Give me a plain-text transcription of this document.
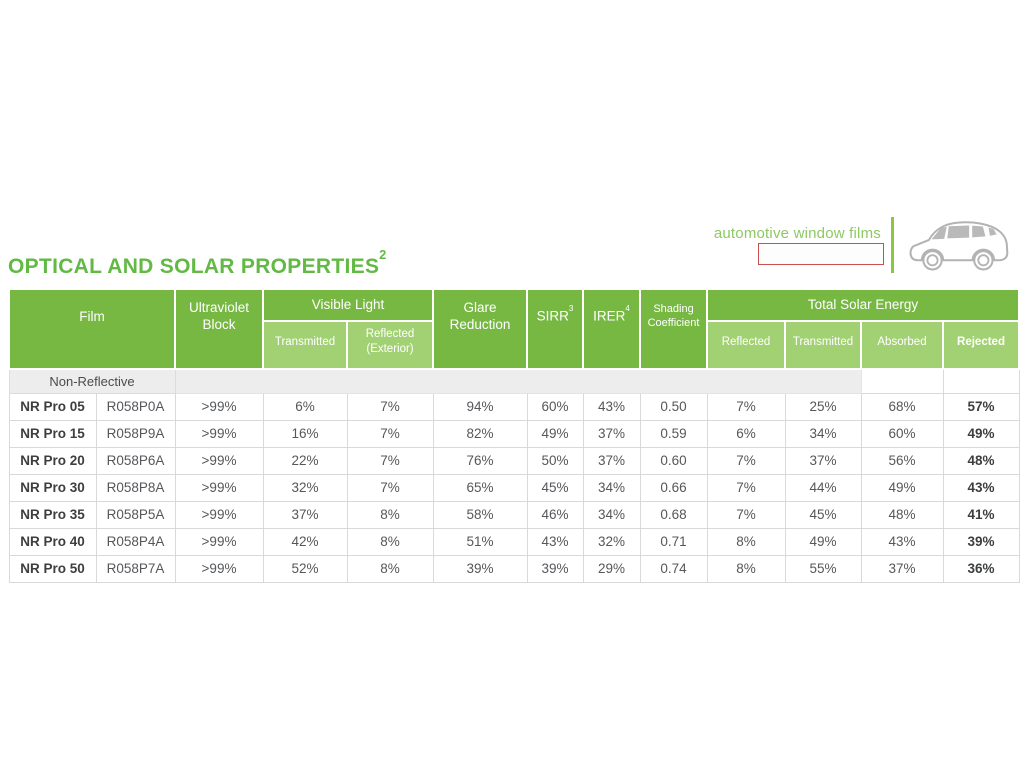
automotive window films
OPTICAL AND SOLAR PROPERTIES$^2$
Film		Ultraviolet Block	Visible Light		Glare Reduction	SIRR$^3$	IRER$^4$	Shading Coefficient	Total Solar Energy			
			Transmitted	Reflected (Exterior)					Reflected	Transmitted	Absorbed	Rejected
Non-Reflective												
NR Pro 05	R058P0A	>99%	6%	7%	94%	60%	43%	0.50	7%	25%	68%	57%
NR Pro 15	R058P9A	>99%	16%	7%	82%	49%	37%	0.59	6%	34%	60%	49%
NR Pro 20	R058P6A	>99%	22%	7%	76%	50%	37%	0.60	7%	37%	56%	48%
NR Pro 30	R058P8A	>99%	32%	7%	65%	45%	34%	0.66	7%	44%	49%	43%
NR Pro 35	R058P5A	>99%	37%	8%	58%	46%	34%	0.68	7%	45%	48%	41%
NR Pro 40	R058P4A	>99%	42%	8%	51%	43%	32%	0.71	8%	49%	43%	39%
NR Pro 50	R058P7A	>99%	52%	8%	39%	39%	29%	0.74	8%	55%	37%	36%
